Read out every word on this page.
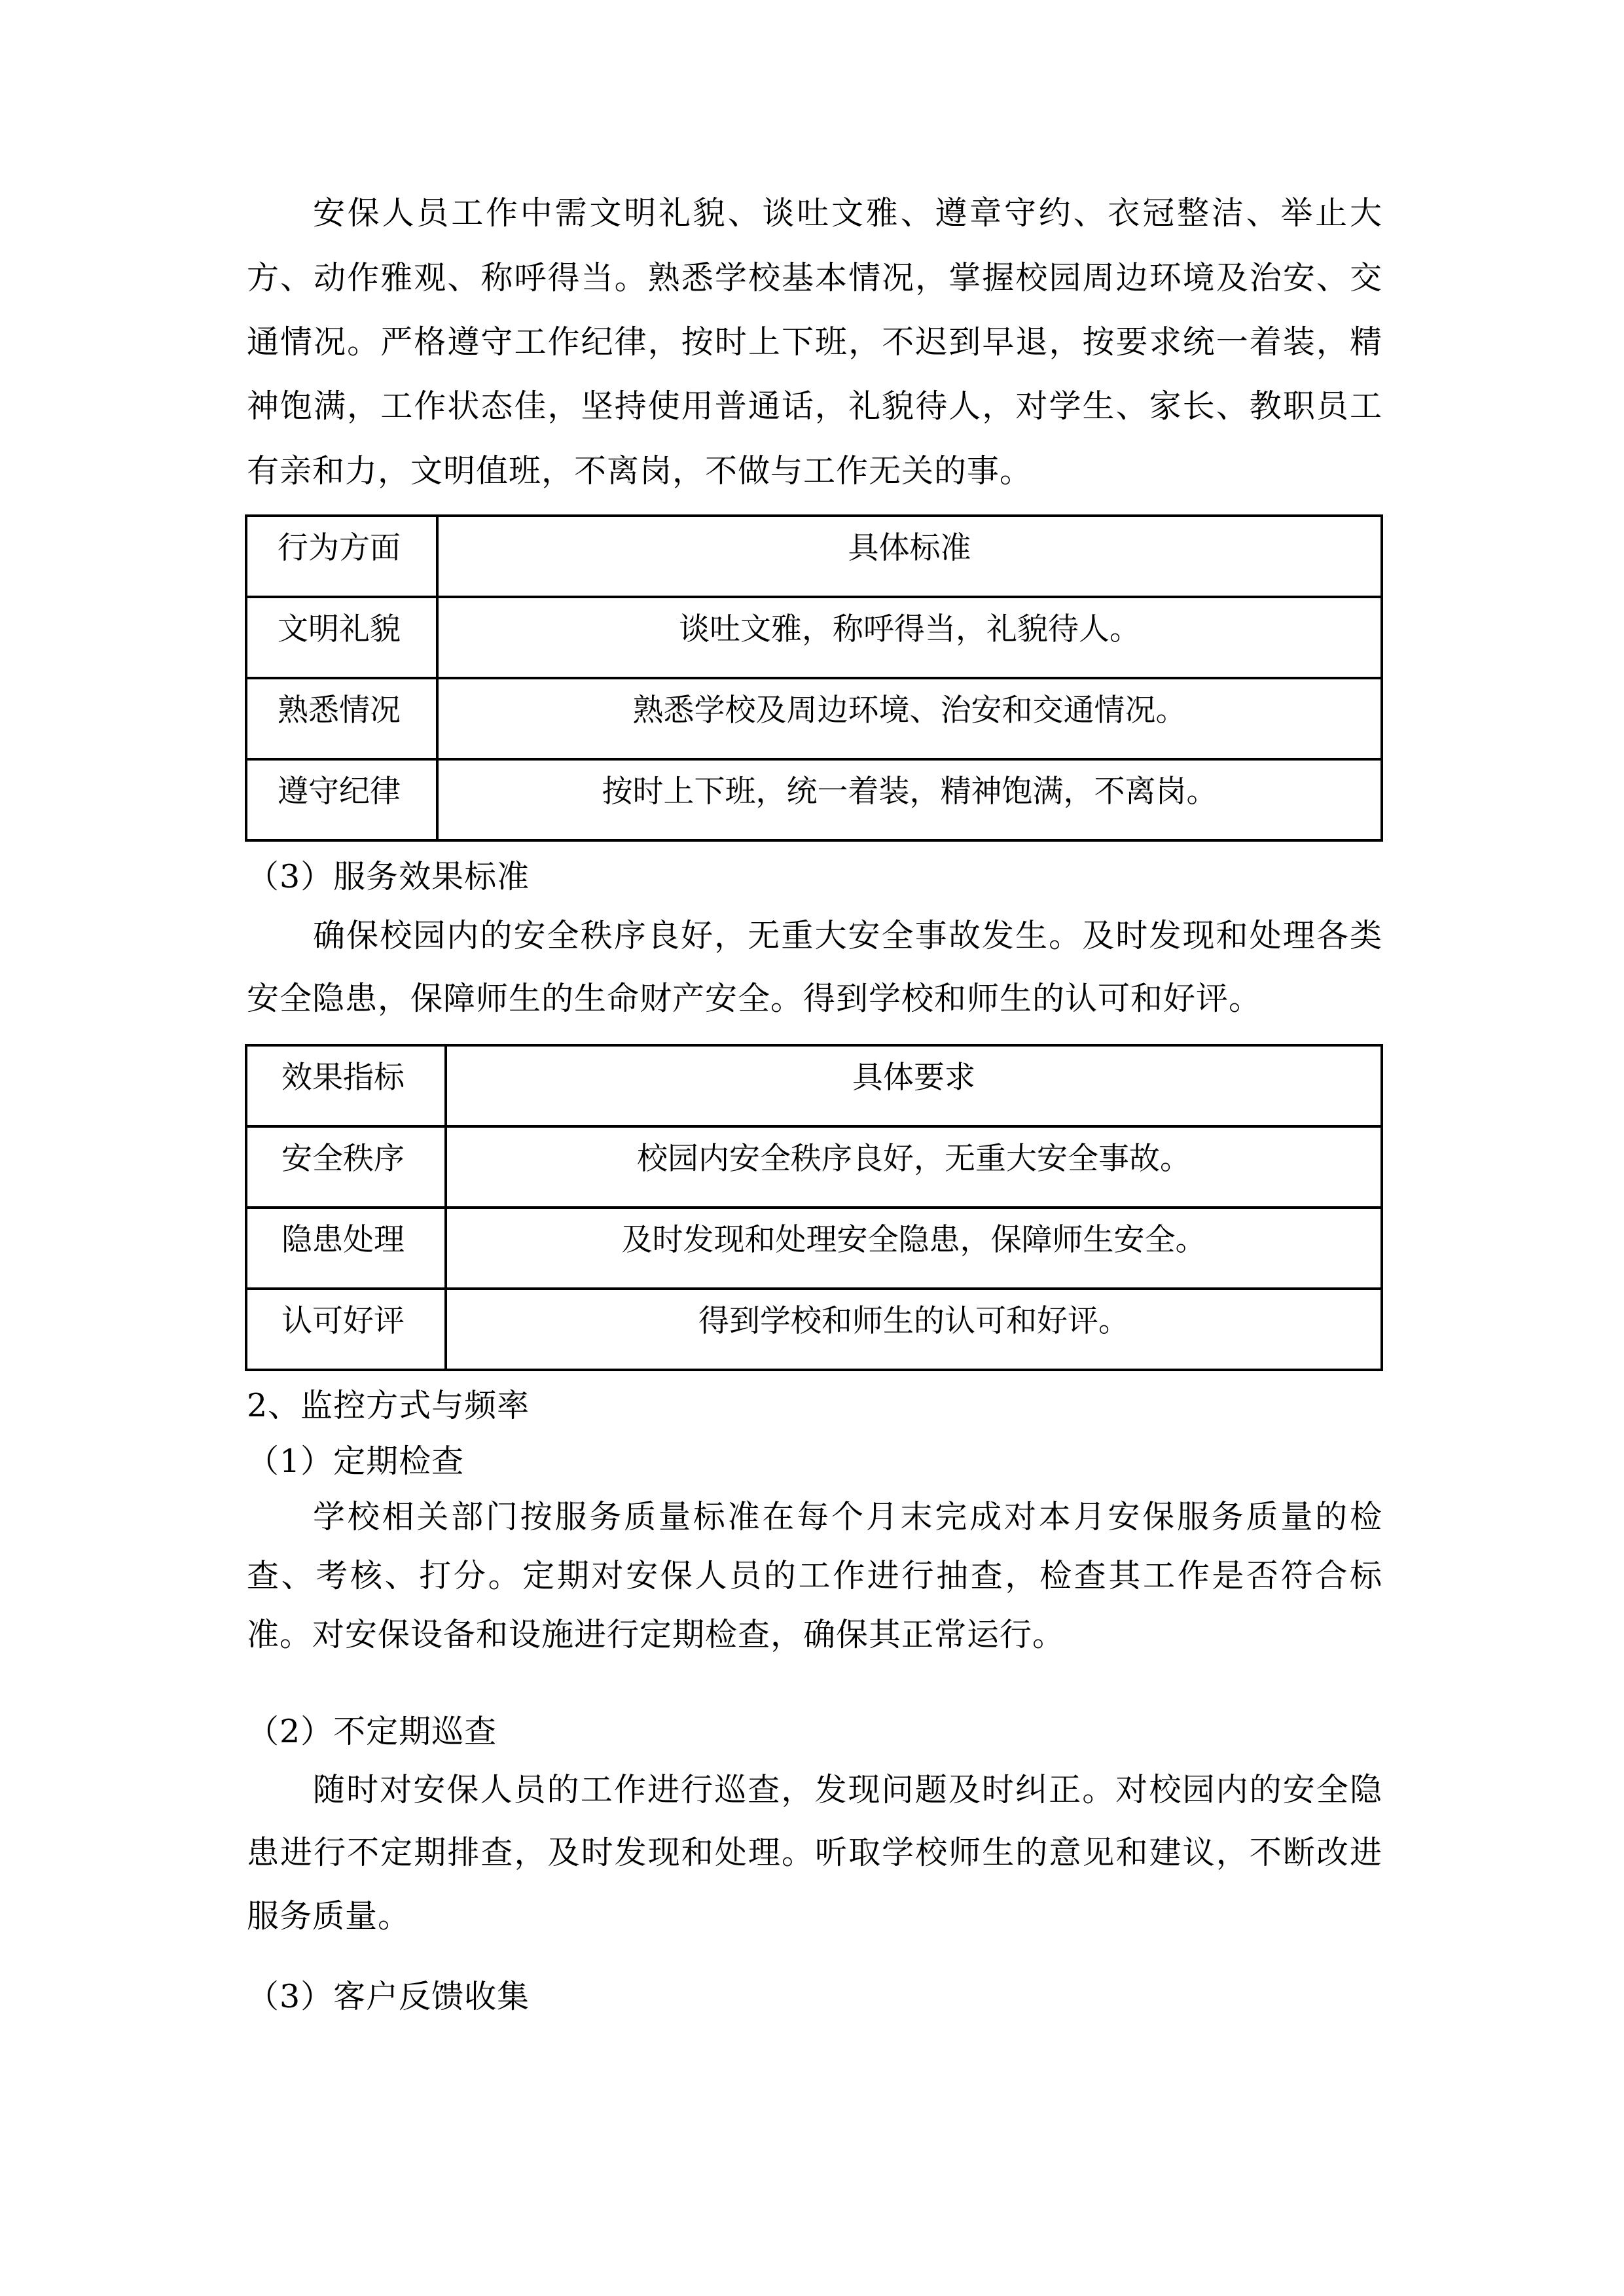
安保人员工作中需文明礼貌、谈吐文雅、遵章守约、衣冠整洁、举止大
方、动作雅观、称呼得当。熟悉学校基本情况，掌握校园周边环境及治安、交
通情况。严格遵守工作纪律，按时上下班，不迟到早退，按要求统一着装，精
神饱满，工作状态佳，坚持使用普通话，礼貌待人，对学生、家长、教职员工
有亲和力，文明值班，不离岗，不做与工作无关的事。
行为方面	具体标准

文明礼貌	谈吐文雅，称呼得当，礼貌待人。

熟悉情况	熟悉学校及周边环境、治安和交通情况。

遵守纪律	按时上下班，统一着装，精神饱满，不离岗。
（3）服务效果标准
确保校园内的安全秩序良好，无重大安全事故发生。及时发现和处理各类
安全隐患，保障师生的生命财产安全。得到学校和师生的认可和好评。
效果指标	具体要求

安全秩序	校园内安全秩序良好，无重大安全事故。

隐患处理	及时发现和处理安全隐患，保障师生安全。

认可好评	得到学校和师生的认可和好评。
2、监控方式与频率
（1）定期检查
学校相关部门按服务质量标准在每个月末完成对本月安保服务质量的检
查、考核、打分。定期对安保人员的工作进行抽查，检查其工作是否符合标
准。对安保设备和设施进行定期检查，确保其正常运行。
（2）不定期巡查
随时对安保人员的工作进行巡查，发现问题及时纠正。对校园内的安全隐
患进行不定期排查，及时发现和处理。听取学校师生的意见和建议，不断改进
服务质量。
（3）客户反馈收集
